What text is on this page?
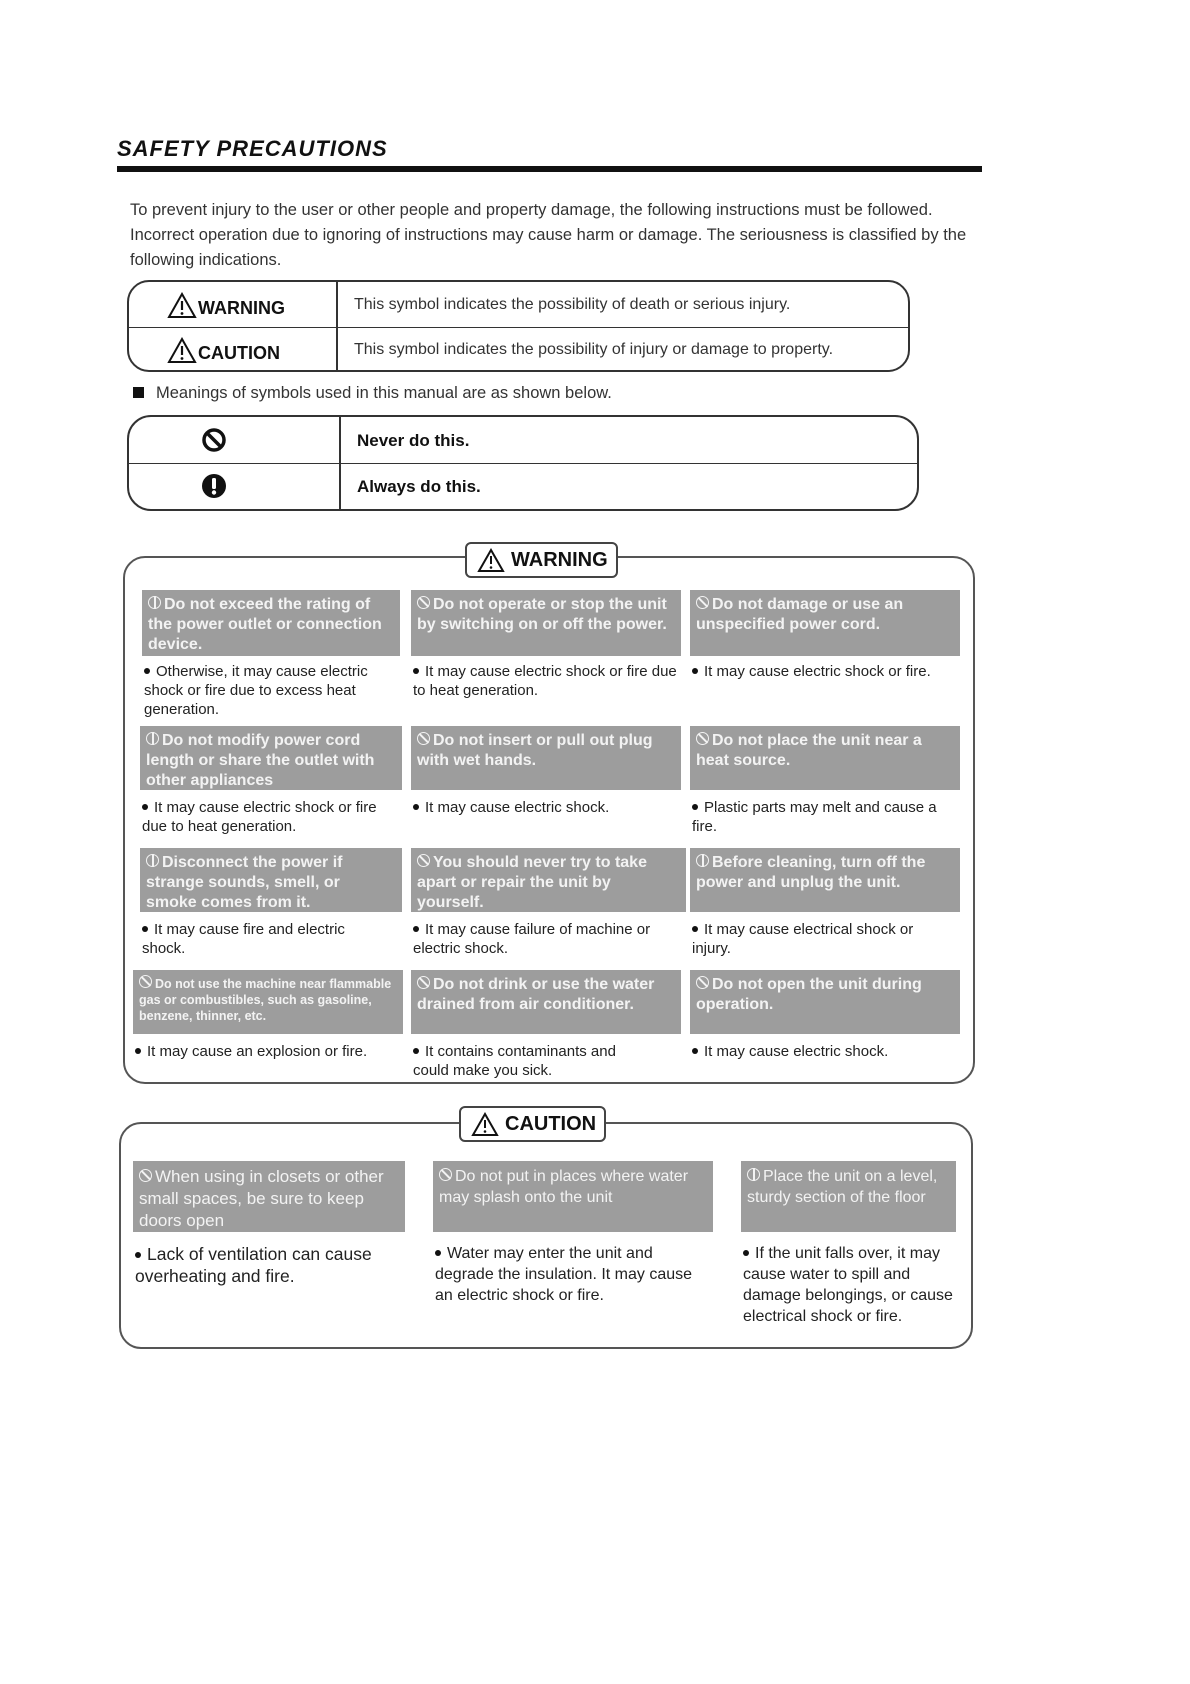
SAFETY PRECAUTIONS
To prevent injury to the user or other people and property damage, the following instructions must be followed. Incorrect operation due to ignoring of instructions may cause harm or damage. The seriousness is classified by the following indications.
WARNING	This symbol indicates the possibility of death or serious injury.
CAUTION	This symbol indicates the possibility of injury or damage to property.
Meanings of symbols used in this manual are as shown below.
Never do this.
Always do this.
WARNING
Do not exceed the rating of the power outlet or connection device.
Otherwise, it may cause electric shock or fire due to excess heat generation.
Do not operate or stop the unit by switching on or off the power.
It may cause electric shock or fire due to heat generation.
Do not damage or use an unspecified power cord.
It may cause electric shock or fire.
Do not modify power cord length or share the outlet with other appliances
It may cause electric shock or fire due to heat generation.
Do not insert or pull out plug with wet hands.
It may cause electric shock.
Do not place the unit near a heat source.
Plastic parts may melt and cause a fire.
Disconnect the power if strange sounds, smell, or smoke comes from it.
It may cause fire and electric shock.
You should never try to take apart or repair the unit by yourself.
It may cause failure of machine or electric shock.
Before cleaning, turn off the power and unplug the unit.
It may cause electrical shock or injury.
Do not use the machine near flammable gas or combustibles, such as gasoline, benzene, thinner, etc.
It may cause an explosion or fire.
Do not drink or use the water drained from air conditioner.
It contains contaminants and could make you sick.
Do not open the unit during operation.
It may cause electric shock.
CAUTION
When using in closets or other small spaces, be sure to keep doors open
Lack of ventilation can cause overheating and fire.
Do not put in places where water may splash onto the unit
Water may enter the unit and degrade the insulation. It may cause an electric shock or fire.
Place the unit on a level, sturdy section of the floor
If the unit falls over, it may cause water to spill and damage belongings, or cause electrical shock or fire.
